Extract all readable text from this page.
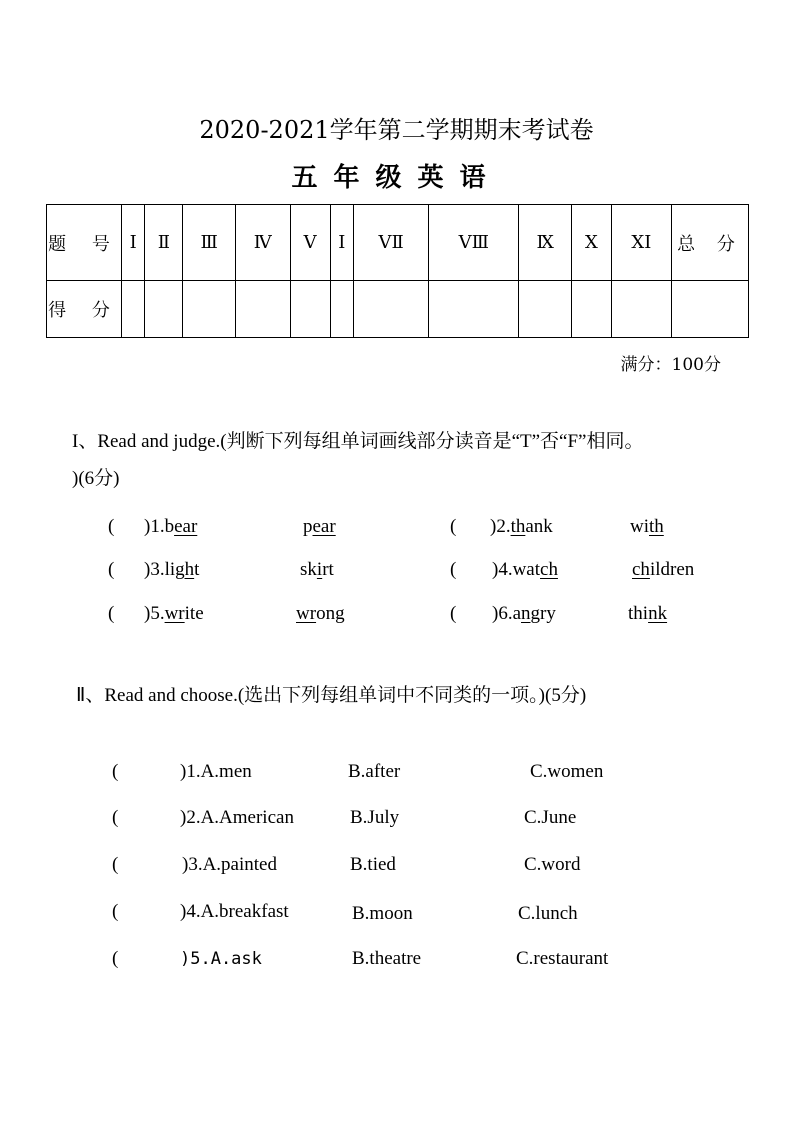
2020-2021学年第二学期期末考试卷
五年级英语
题 号	I	Ⅱ	Ⅲ	Ⅳ	Ⅴ	I	ⅤⅡ	ⅤⅢ	Ⅸ	Ⅹ	XI	总 分
得 分												
满分：100分
I、Read and judge.(判断下列每组单词画线部分读音是“T”否“F”相同。
)(6分)
( )1.bear	pear	( )2.thank	with
( )3.light	skirt	( )4.watch	children
( )5.write	wrong	( )6.angry	think
Ⅱ、Read and choose.(选出下列每组单词中不同类的一项。)(5分)
(	)1.A.men	B.after	C.women
(	)2.A.American	B.July	C.June
(	)3.A.painted	B.tied	C.word
(	)4.A.breakfast	B.moon	C.lunch
(	)5.A.ask	B.theatre	C.restaurant
